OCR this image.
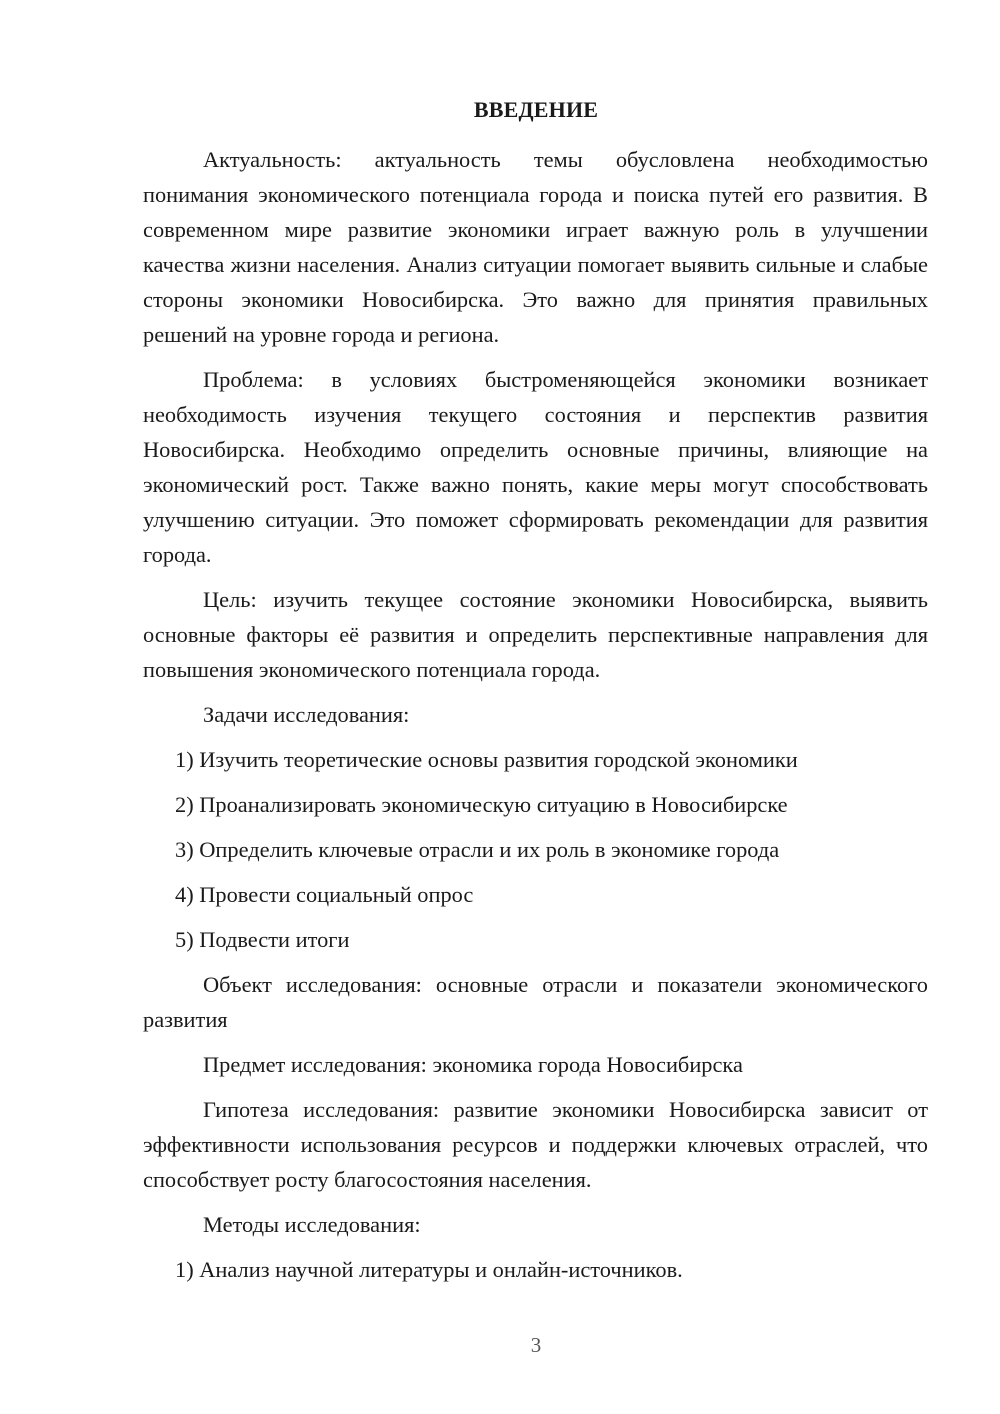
ВВЕДЕНИЕ

Актуальность: актуальность темы обусловлена необходимостью понимания экономического потенциала города и поиска путей его развития. В современном мире развитие экономики играет важную роль в улучшении качества жизни населения. Анализ ситуации помогает выявить сильные и слабые стороны экономики Новосибирска. Это важно для принятия правильных решений на уровне города и региона.

Проблема: в условиях быстроменяющейся экономики возникает необходимость изучения текущего состояния и перспектив развития Новосибирска. Необходимо определить основные причины, влияющие на экономический рост. Также важно понять, какие меры могут способствовать улучшению ситуации. Это поможет сформировать рекомендации для развития города.

Цель: изучить текущее состояние экономики Новосибирска, выявить основные факторы её развития и определить перспективные направления для повышения экономического потенциала города.

Задачи исследования:

1) Изучить теоретические основы развития городской экономики

2) Проанализировать экономическую ситуацию в Новосибирске

3) Определить ключевые отрасли и их роль в экономике города

4) Провести социальный опрос

5) Подвести итоги

Объект исследования: основные отрасли и показатели экономического развития

Предмет исследования: экономика города Новосибирска

Гипотеза исследования: развитие экономики Новосибирска зависит от эффективности использования ресурсов и поддержки ключевых отраслей, что способствует росту благосостояния населения.

Методы исследования:

1) Анализ научной литературы и онлайн-источников.

3
